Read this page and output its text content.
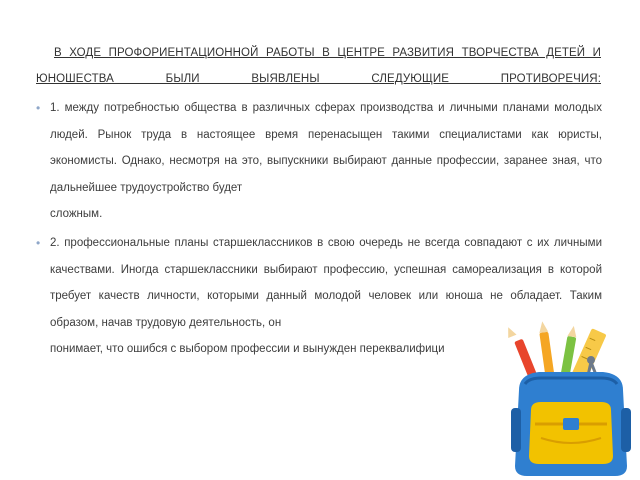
В ХОДЕ ПРОФОРИЕНТАЦИОННОЙ РАБОТЫ В ЦЕНТРЕ РАЗВИТИЯ ТВОРЧЕСТВА ДЕТЕЙ И
ЮНОШЕСТВА БЫЛИ ВЫЯВЛЕНЫ СЛЕДУЮЩИЕ ПРОТИВОРЕЧИЯ:
• 1. между потребностью общества в различных сферах производства и личными планами молодых людей. Рынок труда в настоящее время перенасыщен такими специалистами как юристы, экономисты. Однако, несмотря на это, выпускники выбирают данные профессии, заранее зная, что дальнейшее трудоустройство будет
сложным.
• 2. профессиональные планы старшеклассников в свою очередь не всегда совпадают с их личными качествами. Иногда старшеклассники выбирают профессию, успешная самореализация в которой требует качеств личности, которыми данный молодой человек или юноша не обладает. Таким образом, начав трудовую деятельность, он
понимает, что ошибся с выбором профессии и вынужден переквалифици
